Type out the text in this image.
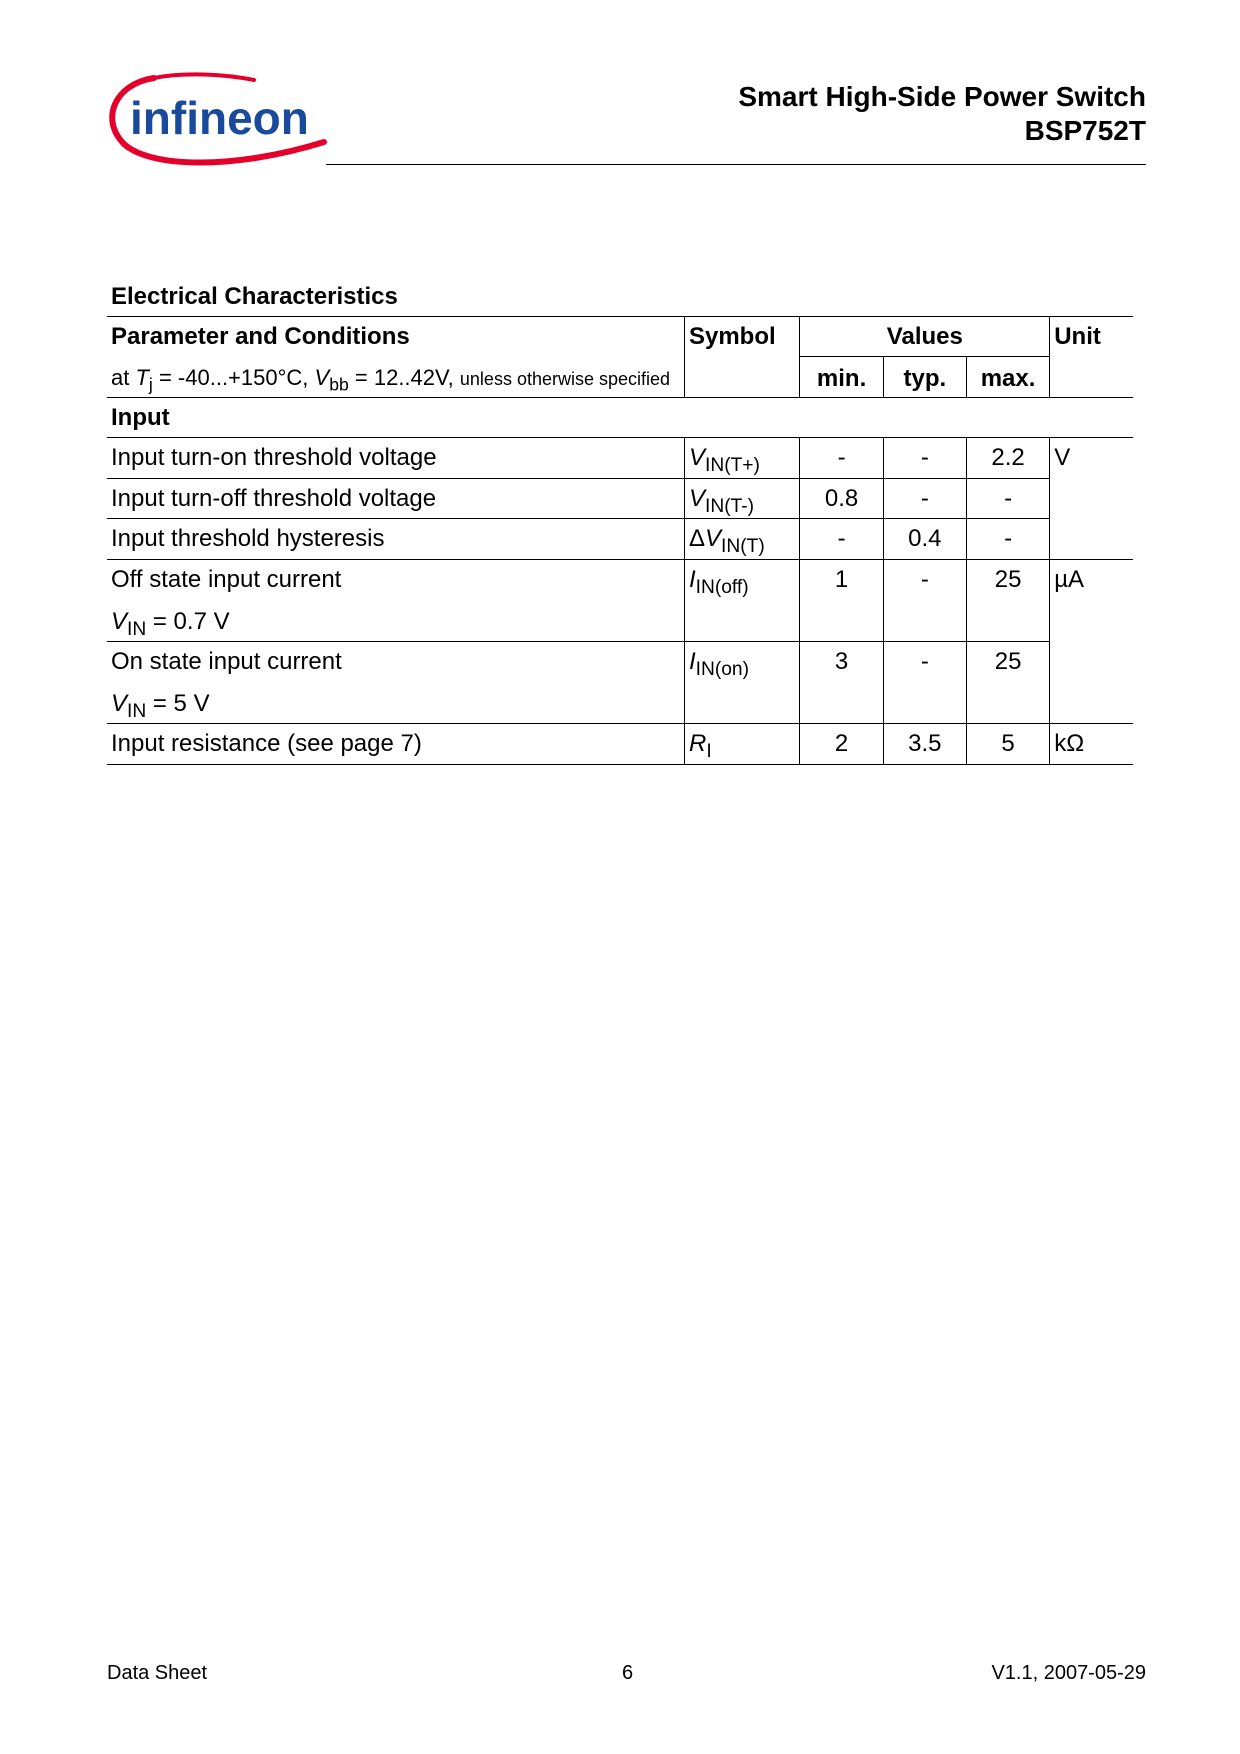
infineon	Smart High-Side Power Switch
BSP752T
Electrical Characteristics
Parameter and Conditions	Symbol	Values			Unit
at $T_j = -40...+150^\circ C$, $V_{bb} = 12..42V$, unless otherwise specified		min.	typ.	max.	
Input					
Input turn-on threshold voltage	$V_{IN(T+)}$	-	-	2.2	V
Input turn-off threshold voltage	$V_{IN(T-)}$	0.8	-	-	
Input threshold hysteresis	$\Delta V_{IN(T)}$	-	0.4	-	
Off state input current
$V_{IN} = 0.7$ V	$I_{IN(off)}$	1	-	25	µA
On state input current
$V_{IN} = 5$ V	$I_{IN(on)}$	3	-	25	
Input resistance (see page 7)	$R_I$	2	3.5	5	kΩ
Data Sheet	6	V1.1, 2007-05-29
